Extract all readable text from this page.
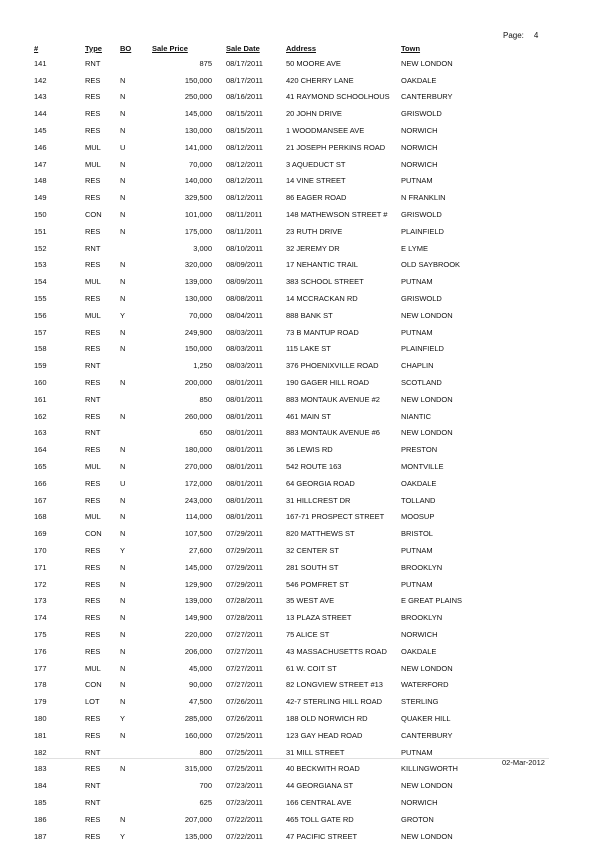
Page: 4
#	Type	BO	Sale Price	Sale Date	Address	Town
141	RNT		875	08/17/2011	50 MOORE AVE	NEW LONDON
142	RES	N	150,000	08/17/2011	420 CHERRY LANE	OAKDALE
143	RES	N	250,000	08/16/2011	41 RAYMOND SCHOOLHOUS	CANTERBURY
144	RES	N	145,000	08/15/2011	20 JOHN DRIVE	GRISWOLD
145	RES	N	130,000	08/15/2011	1 WOODMANSEE AVE	NORWICH
146	MUL	U	141,000	08/12/2011	21 JOSEPH PERKINS ROAD	NORWICH
147	MUL	N	70,000	08/12/2011	3 AQUEDUCT ST	NORWICH
148	RES	N	140,000	08/12/2011	14 VINE STREET	PUTNAM
149	RES	N	329,500	08/12/2011	86 EAGER ROAD	N FRANKLIN
150	CON	N	101,000	08/11/2011	148 MATHEWSON STREET #	GRISWOLD
151	RES	N	175,000	08/11/2011	23 RUTH DRIVE	PLAINFIELD
152	RNT		3,000	08/10/2011	32 JEREMY DR	E LYME
153	RES	N	320,000	08/09/2011	17 NEHANTIC TRAIL	OLD SAYBROOK
154	MUL	N	139,000	08/09/2011	383 SCHOOL STREET	PUTNAM
155	RES	N	130,000	08/08/2011	14 MCCRACKAN RD	GRISWOLD
156	MUL	Y	70,000	08/04/2011	888 BANK ST	NEW LONDON
157	RES	N	249,900	08/03/2011	73 B MANTUP ROAD	PUTNAM
158	RES	N	150,000	08/03/2011	115 LAKE ST	PLAINFIELD
159	RNT		1,250	08/03/2011	376 PHOENIXVILLE ROAD	CHAPLIN
160	RES	N	200,000	08/01/2011	190 GAGER HILL ROAD	SCOTLAND
161	RNT		850	08/01/2011	883 MONTAUK AVENUE #2	NEW LONDON
162	RES	N	260,000	08/01/2011	461 MAIN ST	NIANTIC
163	RNT		650	08/01/2011	883 MONTAUK AVENUE #6	NEW LONDON
164	RES	N	180,000	08/01/2011	36 LEWIS RD	PRESTON
165	MUL	N	270,000	08/01/2011	542 ROUTE 163	MONTVILLE
166	RES	U	172,000	08/01/2011	64 GEORGIA ROAD	OAKDALE
167	RES	N	243,000	08/01/2011	31 HILLCREST DR	TOLLAND
168	MUL	N	114,000	08/01/2011	167-71 PROSPECT STREET	MOOSUP
169	CON	N	107,500	07/29/2011	820 MATTHEWS ST	BRISTOL
170	RES	Y	27,600	07/29/2011	32 CENTER ST	PUTNAM
171	RES	N	145,000	07/29/2011	281 SOUTH ST	BROOKLYN
172	RES	N	129,900	07/29/2011	546 POMFRET ST	PUTNAM
173	RES	N	139,000	07/28/2011	35 WEST AVE	E GREAT PLAINS
174	RES	N	149,900	07/28/2011	13 PLAZA STREET	BROOKLYN
175	RES	N	220,000	07/27/2011	75 ALICE ST	NORWICH
176	RES	N	206,000	07/27/2011	43 MASSACHUSETTS ROAD	OAKDALE
177	MUL	N	45,000	07/27/2011	61 W. COIT ST	NEW LONDON
178	CON	N	90,000	07/27/2011	82 LONGVIEW STREET #13	WATERFORD
179	LOT	N	47,500	07/26/2011	42-7 STERLING HILL ROAD	STERLING
180	RES	Y	285,000	07/26/2011	188 OLD NORWICH RD	QUAKER HILL
181	RES	N	160,000	07/25/2011	123 GAY HEAD ROAD	CANTERBURY
182	RNT		800	07/25/2011	31 MILL STREET	PUTNAM
183	RES	N	315,000	07/25/2011	40 BECKWITH ROAD	KILLINGWORTH
184	RNT		700	07/23/2011	44 GEORGIANA ST	NEW LONDON
185	RNT		625	07/23/2011	166 CENTRAL AVE	NORWICH
186	RES	N	207,000	07/22/2011	465 TOLL GATE RD	GROTON
187	RES	Y	135,000	07/22/2011	47 PACIFIC STREET	NEW LONDON
02-Mar-2012
